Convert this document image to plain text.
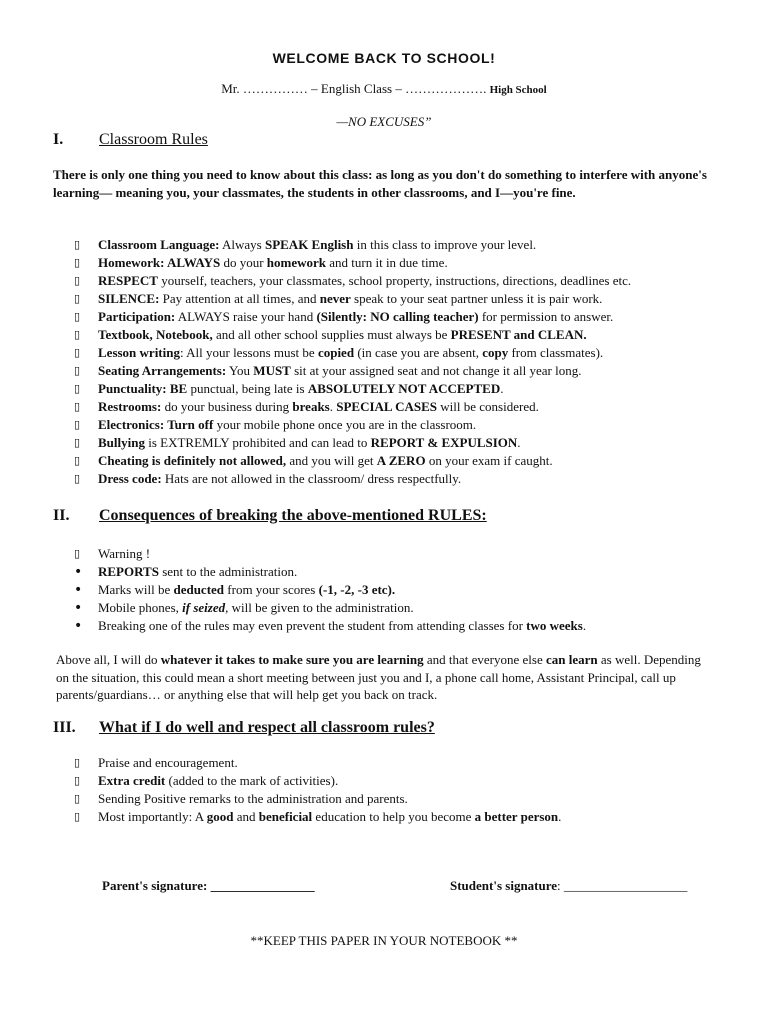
WELCOME BACK TO SCHOOL!
Mr. …………… – English Class – ………………. High School
—NO EXCUSES”
I.	Classroom Rules
There is only one thing you need to know about this class: as long as you don't do something to interfere with anyone's learning— meaning you, your classmates, the students in other classrooms, and I—you're fine.
▯ Classroom Language: Always SPEAK English in this class to improve your level.
▯ Homework: ALWAYS do your homework and turn it in due time.
▯ RESPECT yourself, teachers, your classmates, school property, instructions, directions, deadlines etc.
▯ SILENCE: Pay attention at all times, and never speak to your seat partner unless it is pair work.
▯ Participation: ALWAYS raise your hand (Silently: NO calling teacher) for permission to answer.
▯ Textbook, Notebook, and all other school supplies must always be PRESENT and CLEAN.
▯ Lesson writing: All your lessons must be copied (in case you are absent, copy from classmates).
▯ Seating Arrangements: You MUST sit at your assigned seat and not change it all year long.
▯ Punctuality: BE punctual, being late is ABSOLUTELY NOT ACCEPTED.
▯ Restrooms: do your business during breaks. SPECIAL CASES will be considered.
▯ Electronics: Turn off your mobile phone once you are in the classroom.
▯ Bullying is EXTREMLY prohibited and can lead to REPORT & EXPULSION.
▯ Cheating is definitely not allowed, and you will get A ZERO on your exam if caught.
▯ Dress code: Hats are not allowed in the classroom/ dress respectfully.
II.	Consequences of breaking the above-mentioned RULES:
▯ Warning !
• REPORTS sent to the administration.
• Marks will be deducted from your scores (-1, -2, -3 etc).
• Mobile phones, if seized, will be given to the administration.
• Breaking one of the rules may even prevent the student from attending classes for two weeks.
Above all, I will do whatever it takes to make sure you are learning and that everyone else can learn as well. Depending on the situation, this could mean a short meeting between just you and I, a phone call home, Assistant Principal, call up parents/guardians… or anything else that will help get you back on track.
III.	What if I do well and respect all classroom rules?
▯ Praise and encouragement.
▯ Extra credit (added to the mark of activities).
▯ Sending Positive remarks to the administration and parents.
▯ Most importantly: A good and beneficial education to help you become a better person.
Parent's signature: ________________	Student's signature: ___________________
**KEEP THIS PAPER IN YOUR NOTEBOOK **
